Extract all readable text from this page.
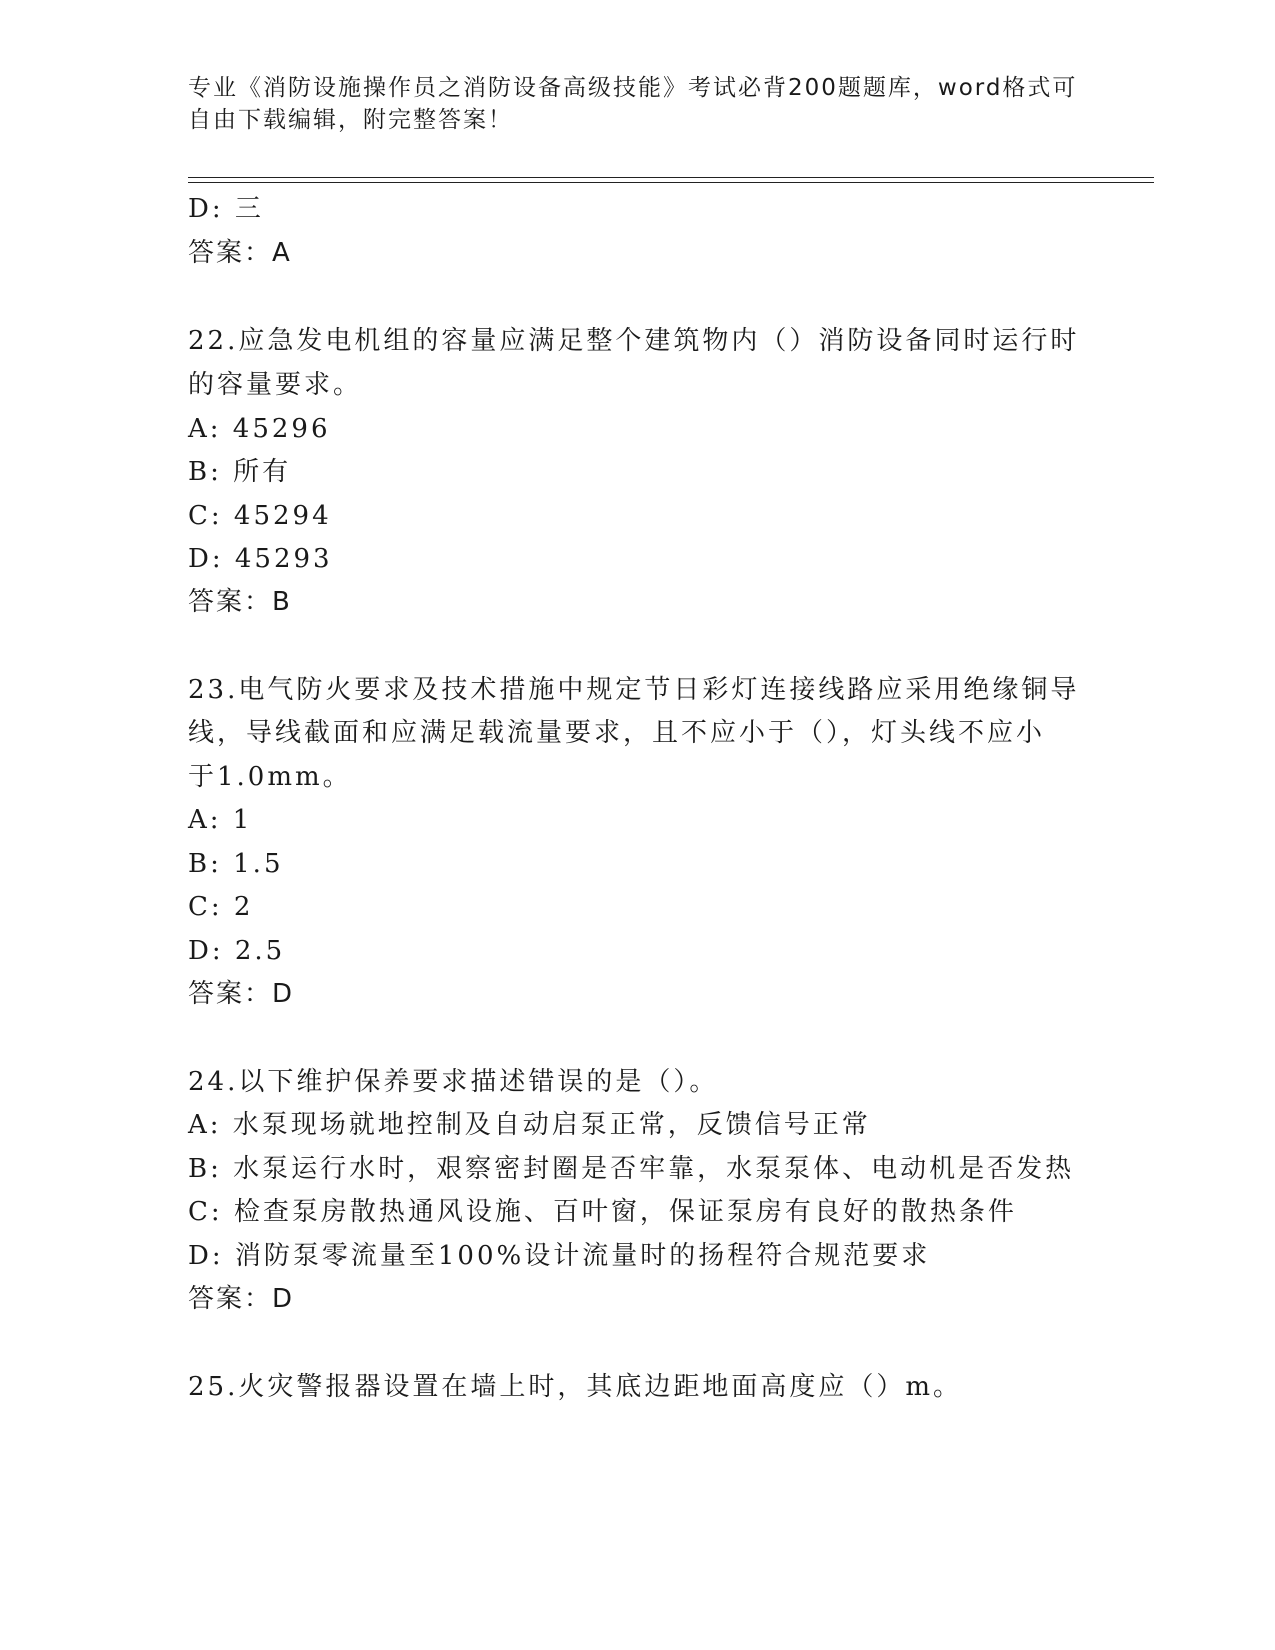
专业《消防设施操作员之消防设备高级技能》考试必背200题题库，word格式可
自由下载编辑，附完整答案！
D: 三
答案：A
22.应急发电机组的容量应满足整个建筑物内（）消防设备同时运行时
的容量要求。
A: 45296
B: 所有
C: 45294
D: 45293
答案：B
23.电气防火要求及技术措施中规定节日彩灯连接线路应采用绝缘铜导
线，导线截面和应满足载流量要求，且不应小于（），灯头线不应小
于1.0mm。
A: 1
B: 1.5
C: 2
D: 2.5
答案：D
24.以下维护保养要求描述错误的是（）。
A: 水泵现场就地控制及自动启泵正常，反馈信号正常
B: 水泵运行水时，艰察密封圈是否牢靠，水泵泵体、电动机是否发热
C: 检查泵房散热通风设施、百叶窗，保证泵房有良好的散热条件
D: 消防泵零流量至100%设计流量时的扬程符合规范要求
答案：D
25.火灾警报器设置在墙上时，其底边距地面高度应（）m。
